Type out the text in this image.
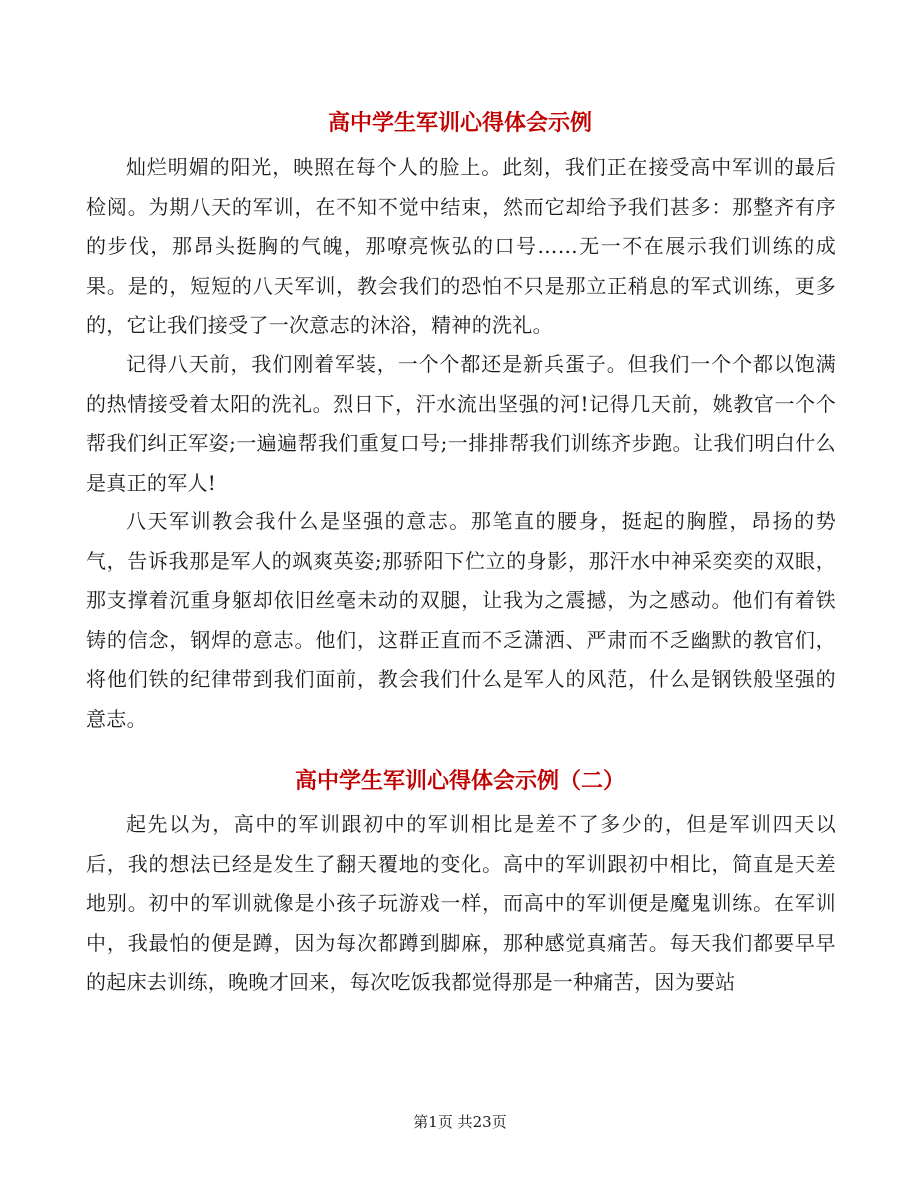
高中学生军训心得体会示例

灿烂明媚的阳光，映照在每个人的脸上。此刻，我们正在接受高中军训的最后检阅。为期八天的军训，在不知不觉中结束，然而它却给予我们甚多：那整齐有序的步伐，那昂头挺胸的气魄，那嘹亮恢弘的口号……无一不在展示我们训练的成果。是的，短短的八天军训，教会我们的恐怕不只是那立正稍息的军式训练，更多的，它让我们接受了一次意志的沐浴，精神的洗礼。

记得八天前，我们刚着军装，一个个都还是新兵蛋子。但我们一个个都以饱满的热情接受着太阳的洗礼。烈日下，汗水流出坚强的河!记得几天前，姚教官一个个帮我们纠正军姿;一遍遍帮我们重复口号;一排排帮我们训练齐步跑。让我们明白什么是真正的军人!

八天军训教会我什么是坚强的意志。那笔直的腰身，挺起的胸膛，昂扬的势气，告诉我那是军人的飒爽英姿;那骄阳下伫立的身影，那汗水中神采奕奕的双眼，那支撑着沉重身躯却依旧丝毫未动的双腿，让我为之震撼，为之感动。他们有着铁铸的信念，钢焊的意志。他们，这群正直而不乏潇洒、严肃而不乏幽默的教官们，将他们铁的纪律带到我们面前，教会我们什么是军人的风范，什么是钢铁般坚强的意志。

高中学生军训心得体会示例（二）

起先以为，高中的军训跟初中的军训相比是差不了多少的，但是军训四天以后，我的想法已经是发生了翻天覆地的变化。高中的军训跟初中相比，简直是天差地别。初中的军训就像是小孩子玩游戏一样，而高中的军训便是魔鬼训练。在军训中，我最怕的便是蹲，因为每次都蹲到脚麻，那种感觉真痛苦。每天我们都要早早的起床去训练，晚晚才回来，每次吃饭我都觉得那是一种痛苦，因为要站

第1页 共23页
